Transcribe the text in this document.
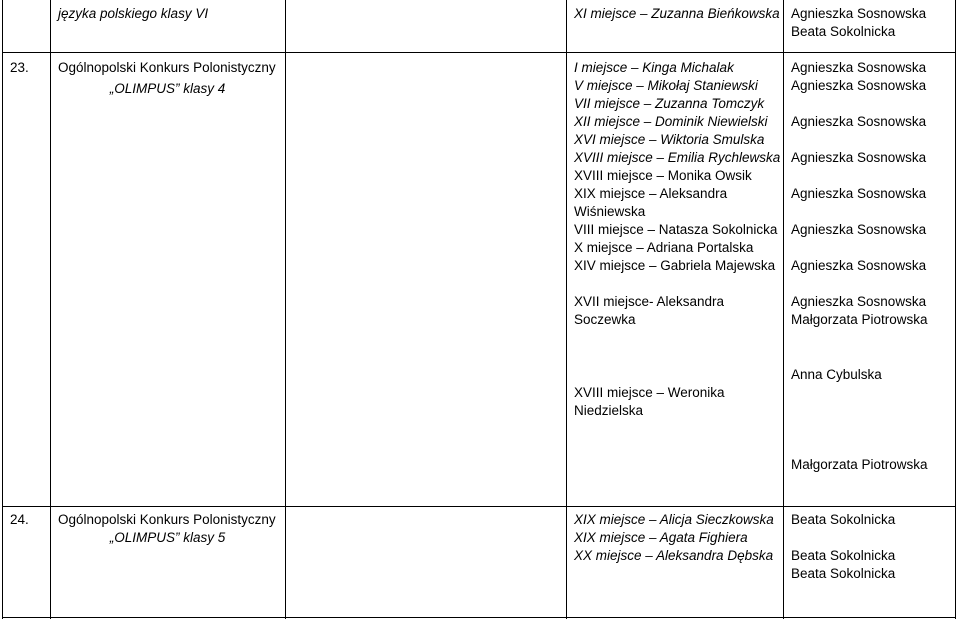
języka polskiego klasy VI	XI miejsce – Zuzanna Bieńkowska Agnieszka Sosnowska
Beata Sokolnicka
23. Ogólnopolski Konkurs Polonistyczny
„OLIMPUS” klasy 4
I miejsce – Kinga Michalak
V miejsce – Mikołaj Staniewski
VII miejsce – Zuzanna Tomczyk
XII miejsce – Dominik Niewielski
XVI miejsce – Wiktoria Smulska
XVIII miejsce – Emilia Rychlewska
XVIII miejsce – Monika Owsik
XIX miejsce – Aleksandra
Wiśniewska
VIII miejsce – Natasza Sokolnicka
X miejsce – Adriana Portalska
XIV miejsce – Gabriela Majewska
XVII miejsce- Aleksandra
Soczewka
XVIII miejsce – Weronika
Niedzielska
Agnieszka Sosnowska
Agnieszka Sosnowska
Agnieszka Sosnowska
Agnieszka Sosnowska
Agnieszka Sosnowska
Agnieszka Sosnowska
Agnieszka Sosnowska
Agnieszka Sosnowska
Małgorzata Piotrowska
Anna Cybulska
Małgorzata Piotrowska
24. Ogólnopolski Konkurs Polonistyczny
„OLIMPUS” klasy 5
XIX miejsce – Alicja Sieczkowska
XIX miejsce – Agata Fighiera
XX miejsce – Aleksandra Dębska
Beata Sokolnicka
Beata Sokolnicka
Beata Sokolnicka
